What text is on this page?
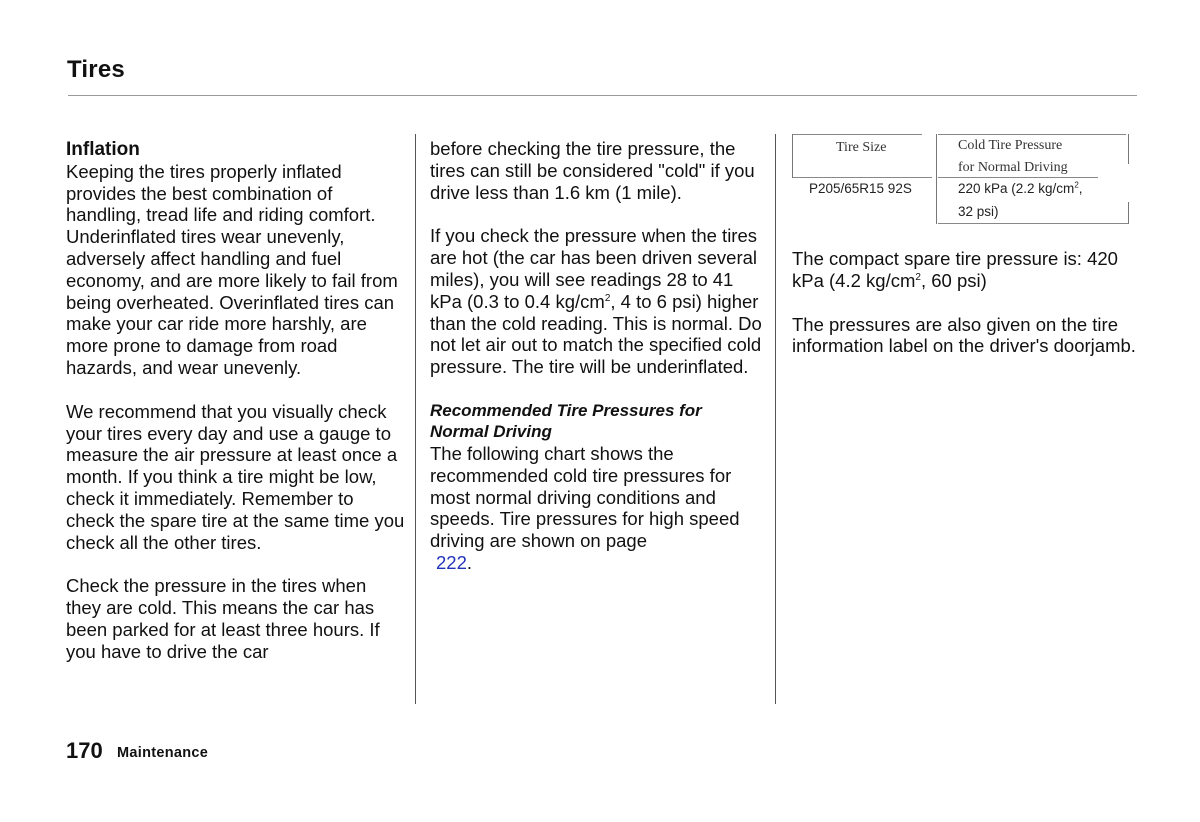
Tires

Inflation

Keeping the tires properly inflated provides the best combination of handling, tread life and riding comfort. Underinflated tires wear unevenly, adversely affect handling and fuel economy, and are more likely to fail from being overheated. Overinflated tires can make your car ride more harshly, are more prone to damage from road hazards, and wear unevenly.

We recommend that you visually check your tires every day and use a gauge to measure the air pressure at least once a month. If you think a tire might be low, check it immediately. Remember to check the spare tire at the same time you check all the other tires.

Check the pressure in the tires when they are cold. This means the car has been parked for at least three hours. If you have to drive the car

before checking the tire pressure, the tires can still be considered "cold" if you drive less than 1.6 km (1 mile).

If you check the pressure when the tires are hot (the car has been driven several miles), you will see readings 28 to 41 kPa (0.3 to 0.4 $kg/cm^2$, 4 to 6 psi) higher than the cold reading. This is normal. Do not let air out to match the specified cold pressure. The tire will be underinflated.

Recommended Tire Pressures for Normal Driving

The following chart shows the recommended cold tire pressures for most normal driving conditions and speeds. Tire pressures for high speed driving are shown on page
222.

Tire Size	Cold Tire Pressure
for Normal Driving
P205/65R15 92S	220 kPa (2.2 $kg/cm^2$,
32 psi)

The compact spare tire pressure is: 420 kPa (4.2 $kg/cm^2$, 60 psi)

The pressures are also given on the tire information label on the driver's doorjamb.

170 Maintenance
